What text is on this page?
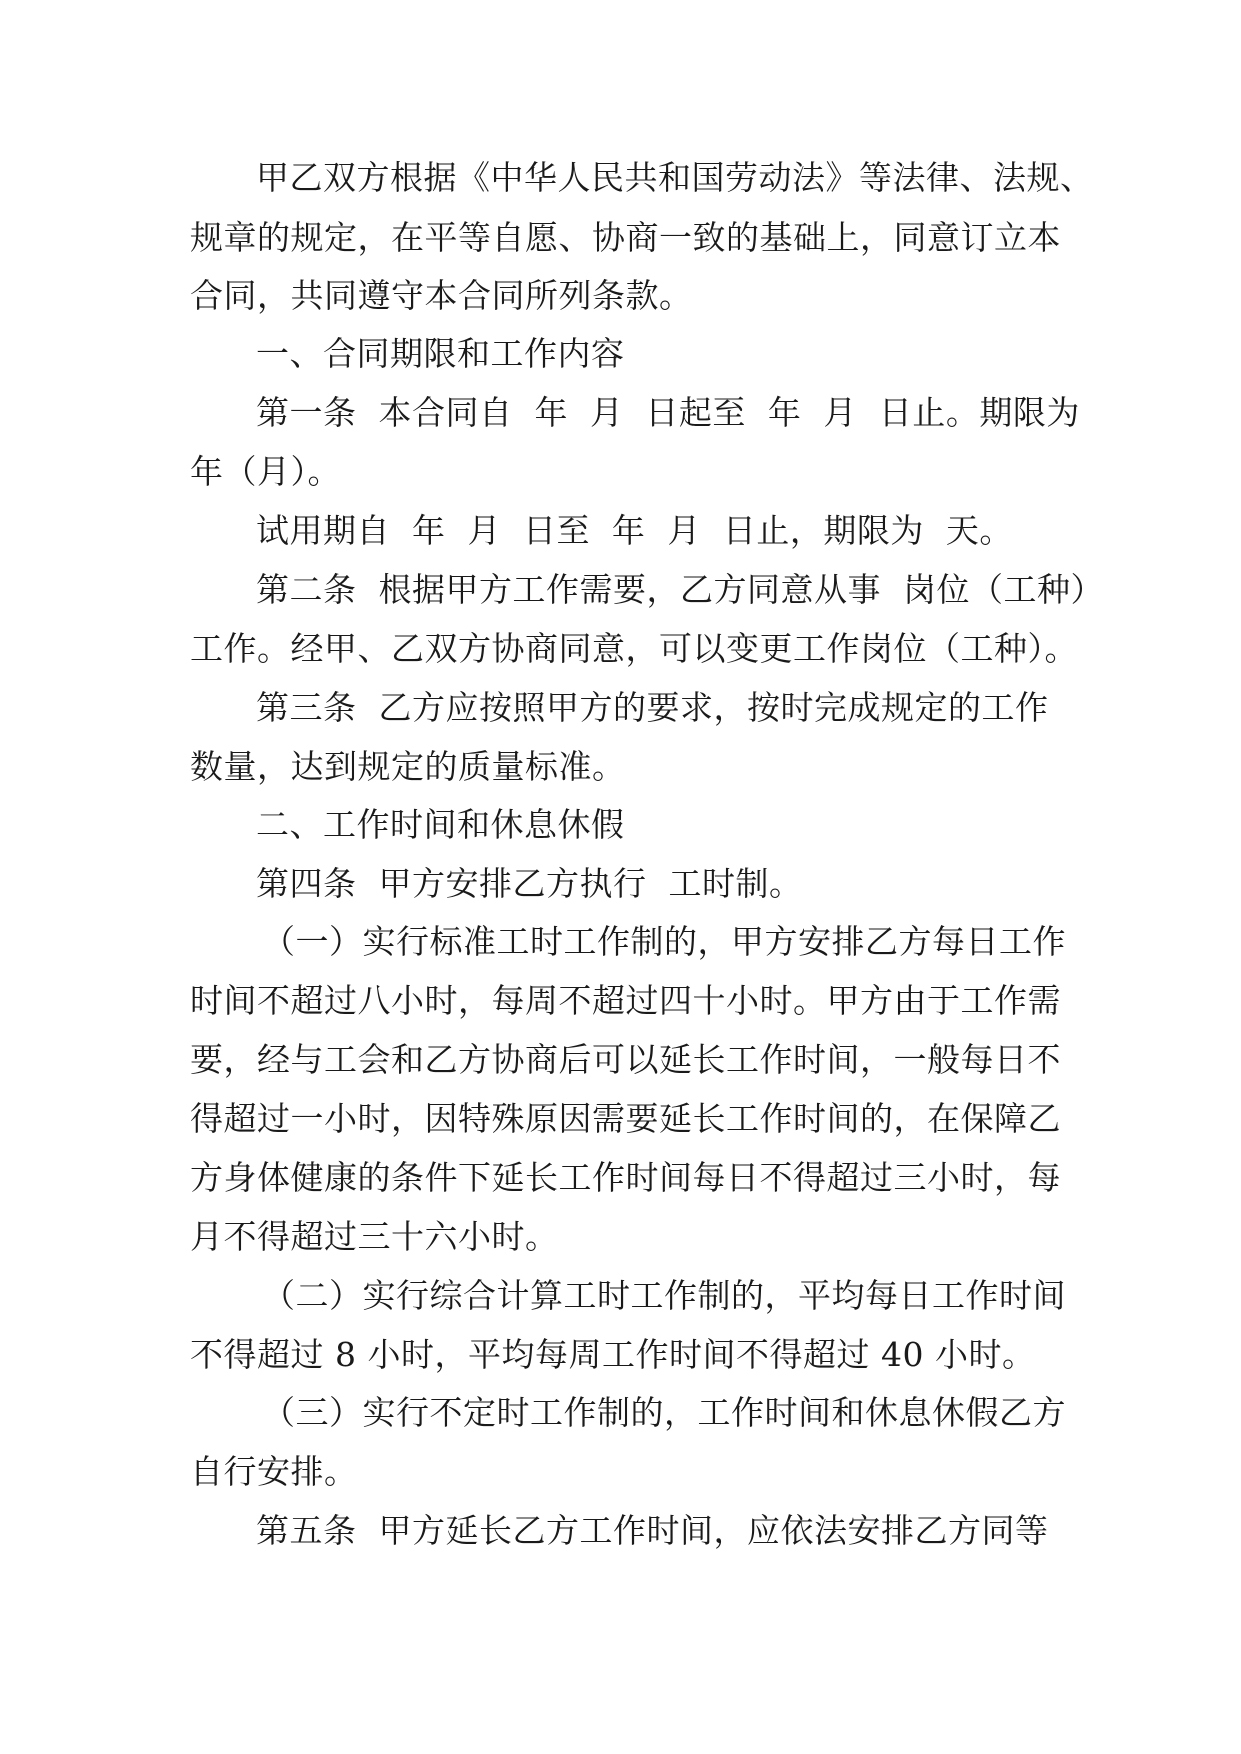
甲乙双方根据《中华人民共和国劳动法》等法律、法规、
规章的规定，在平等自愿、协商一致的基础上，同意订立本
合同，共同遵守本合同所列条款。
一、合同期限和工作内容
第一条  本合同自  年  月  日起至  年  月  日止。期限为
年（月）。
试用期自  年  月  日至  年  月  日止，期限为  天。
第二条  根据甲方工作需要，乙方同意从事  岗位（工种）
工作。经甲、乙双方协商同意，可以变更工作岗位（工种）。
第三条  乙方应按照甲方的要求，按时完成规定的工作
数量，达到规定的质量标准。
二、工作时间和休息休假
第四条  甲方安排乙方执行  工时制。
（一）实行标准工时工作制的，甲方安排乙方每日工作
时间不超过八小时，每周不超过四十小时。甲方由于工作需
要，经与工会和乙方协商后可以延长工作时间，一般每日不
得超过一小时，因特殊原因需要延长工作时间的，在保障乙
方身体健康的条件下延长工作时间每日不得超过三小时，每
月不得超过三十六小时。
（二）实行综合计算工时工作制的，平均每日工作时间
不得超过 8 小时，平均每周工作时间不得超过 40 小时。
（三）实行不定时工作制的，工作时间和休息休假乙方
自行安排。
第五条  甲方延长乙方工作时间，应依法安排乙方同等
